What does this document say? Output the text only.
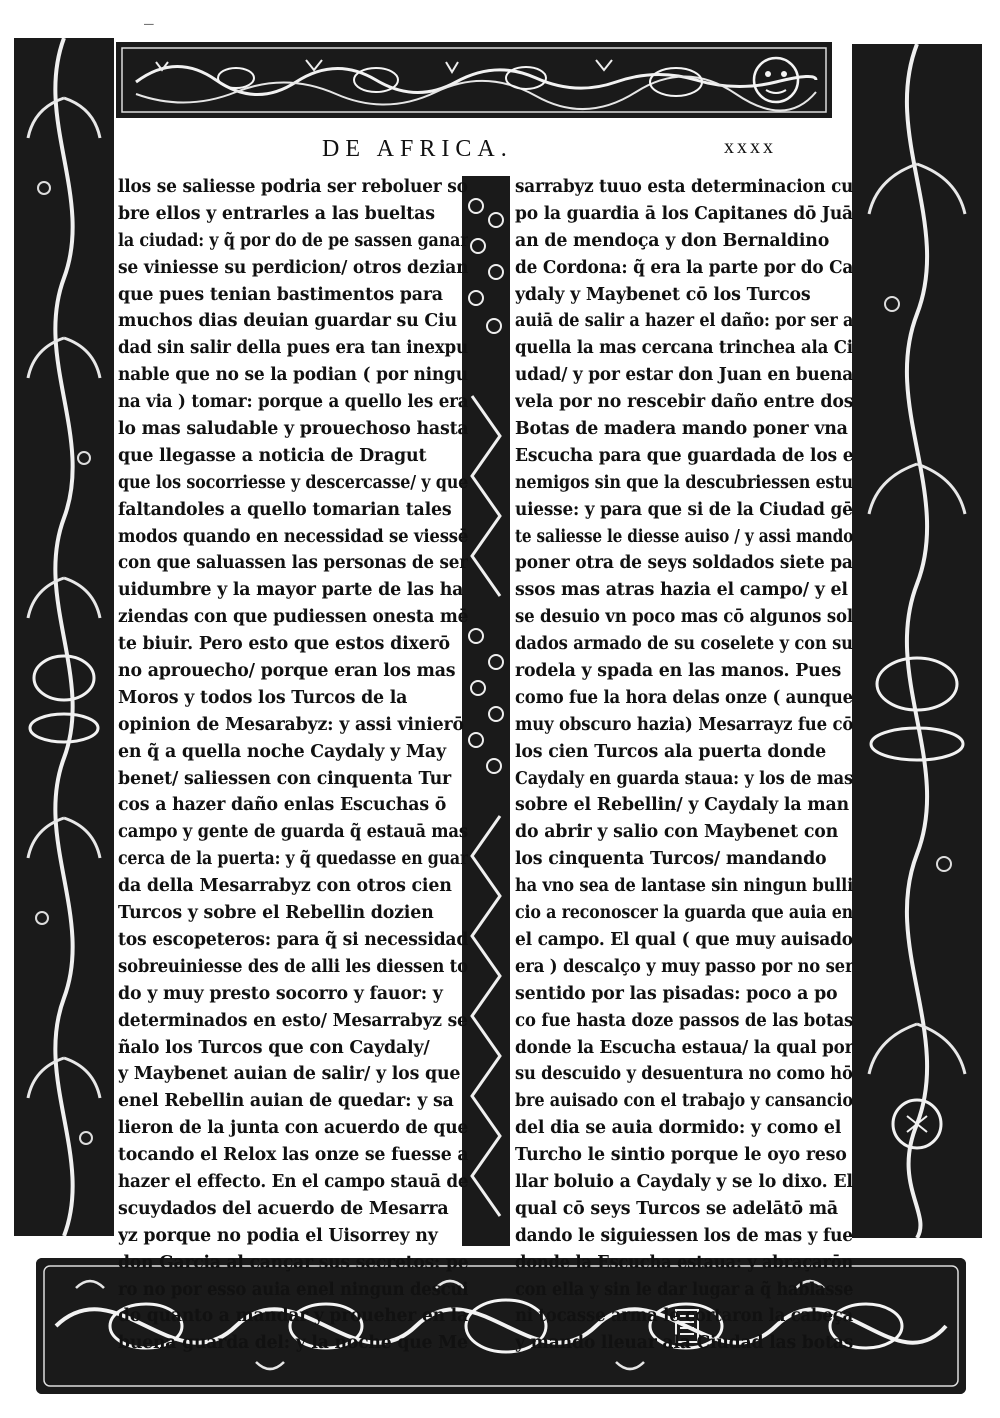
DE AFRICA.	xxxx
llos se saliesse podria ser reboluer so
bre ellos y entrarles a las bueltas
la ciudad: y q̃ por do de pe sassen ganar
se viniesse su perdicion/ otros dezian
que pues tenian bastimentos para
muchos dias deuian guardar su Ciu
dad sin salir della pues era tan inexpu
nable que no se la podian ( por ningu
na via ) tomar: porque a quello les era
lo mas saludable y prouechoso hasta
que llegasse a noticia de Dragut
que los socorriesse y descercasse/ y que
faltandoles a quello tomarian tales
modos quando en necessidad se viessē
con que saluassen las personas de ser
uidumbre y la mayor parte de las ha
ziendas con que pudiessen onesta mē
te biuir. Pero esto que estos dixerō
no aprouecho/ porque eran los mas
Moros y todos los Turcos de la
opinion de Mesarabyz: y assi vinierō
en q̃ a quella noche Caydaly y May
benet/ saliessen con cinquenta Tur
cos a hazer daño enlas Escuchas ō
campo y gente de guarda q̃ estauā mas
cerca de la puerta: y q̃ quedasse en guar
da della Mesarrabyz con otros cien
Turcos y sobre el Rebellin dozien
tos escopeteros: para q̃ si necessidad
sobreuiniesse des de alli les diessen to
do y muy presto socorro y fauor: y
determinados en esto/ Mesarrabyz se
ñalo los Turcos que con Caydaly/
y Maybenet auian de salir/ y los que
enel Rebellin auian de quedar: y sa
lieron de la junta con acuerdo de que
tocando el Relox las onze se fuesse a
hazer el effecto. En el campo stauā de
scuydados del acuerdo de Mesarra
yz porque no podia el Uisorrey ny
don Garcia al cançar sus secretos: pe
ro no por esso auia enel ningun descui
do quanto a mandar y proueher en la
buena guarda del: y la noche que Me
sarrabyz tuuo esta determinacion cu
po la guardia ā los Capitanes dō Juā
an de mendoça y don Bernaldino
de Cordona: q̃ era la parte por do Ca
ydaly y Maybenet cō los Turcos
auiā de salir a hazer el daño: por ser a
quella la mas cercana trinchea ala Ci
udad/ y por estar don Juan en buena
vela por no rescebir daño entre dos
Botas de madera mando poner vna
Escucha para que guardada de los e
nemigos sin que la descubriessen estu
uiesse: y para que si de la Ciudad gē
te saliesse le diesse auiso / y assi mando
poner otra de seys soldados siete pa
ssos mas atras hazia el campo/ y el
se desuio vn poco mas cō algunos sol
dados armado de su coselete y con su
rodela y spada en las manos. Pues
como fue la hora delas onze ( aunque
muy obscuro hazia) Mesarrayz fue cō
los cien Turcos ala puerta donde
Caydaly en guarda staua: y los de mas
sobre el Rebellin/ y Caydaly la man
do abrir y salio con Maybenet con
los cinquenta Turcos/ mandando
ha vno sea de lantase sin ningun bulli
cio a reconoscer la guarda que auia en
el campo. El qual ( que muy auisado
era ) descalço y muy passo por no ser
sentido por las pisadas: poco a po
co fue hasta doze passos de las botas
donde la Escucha estaua/ la qual por
su descuido y desuentura no como hō
bre auisado con el trabajo y cansancio
del dia se auia dormido: y como el
Turcho le sintio porque le oyo reso
llar boluio a Caydaly y se lo dixo. El
qual cō seys Turcos se adelātō mā
dando le siguiessen los de mas y fue
donde la Escucha estaua: y abraçarōn
con ella y sin le dar lugar a q̃ hablasse
ni tocasse arma le cortaron la cabeça
y mando lleuar ala Ciudad las botas
—
